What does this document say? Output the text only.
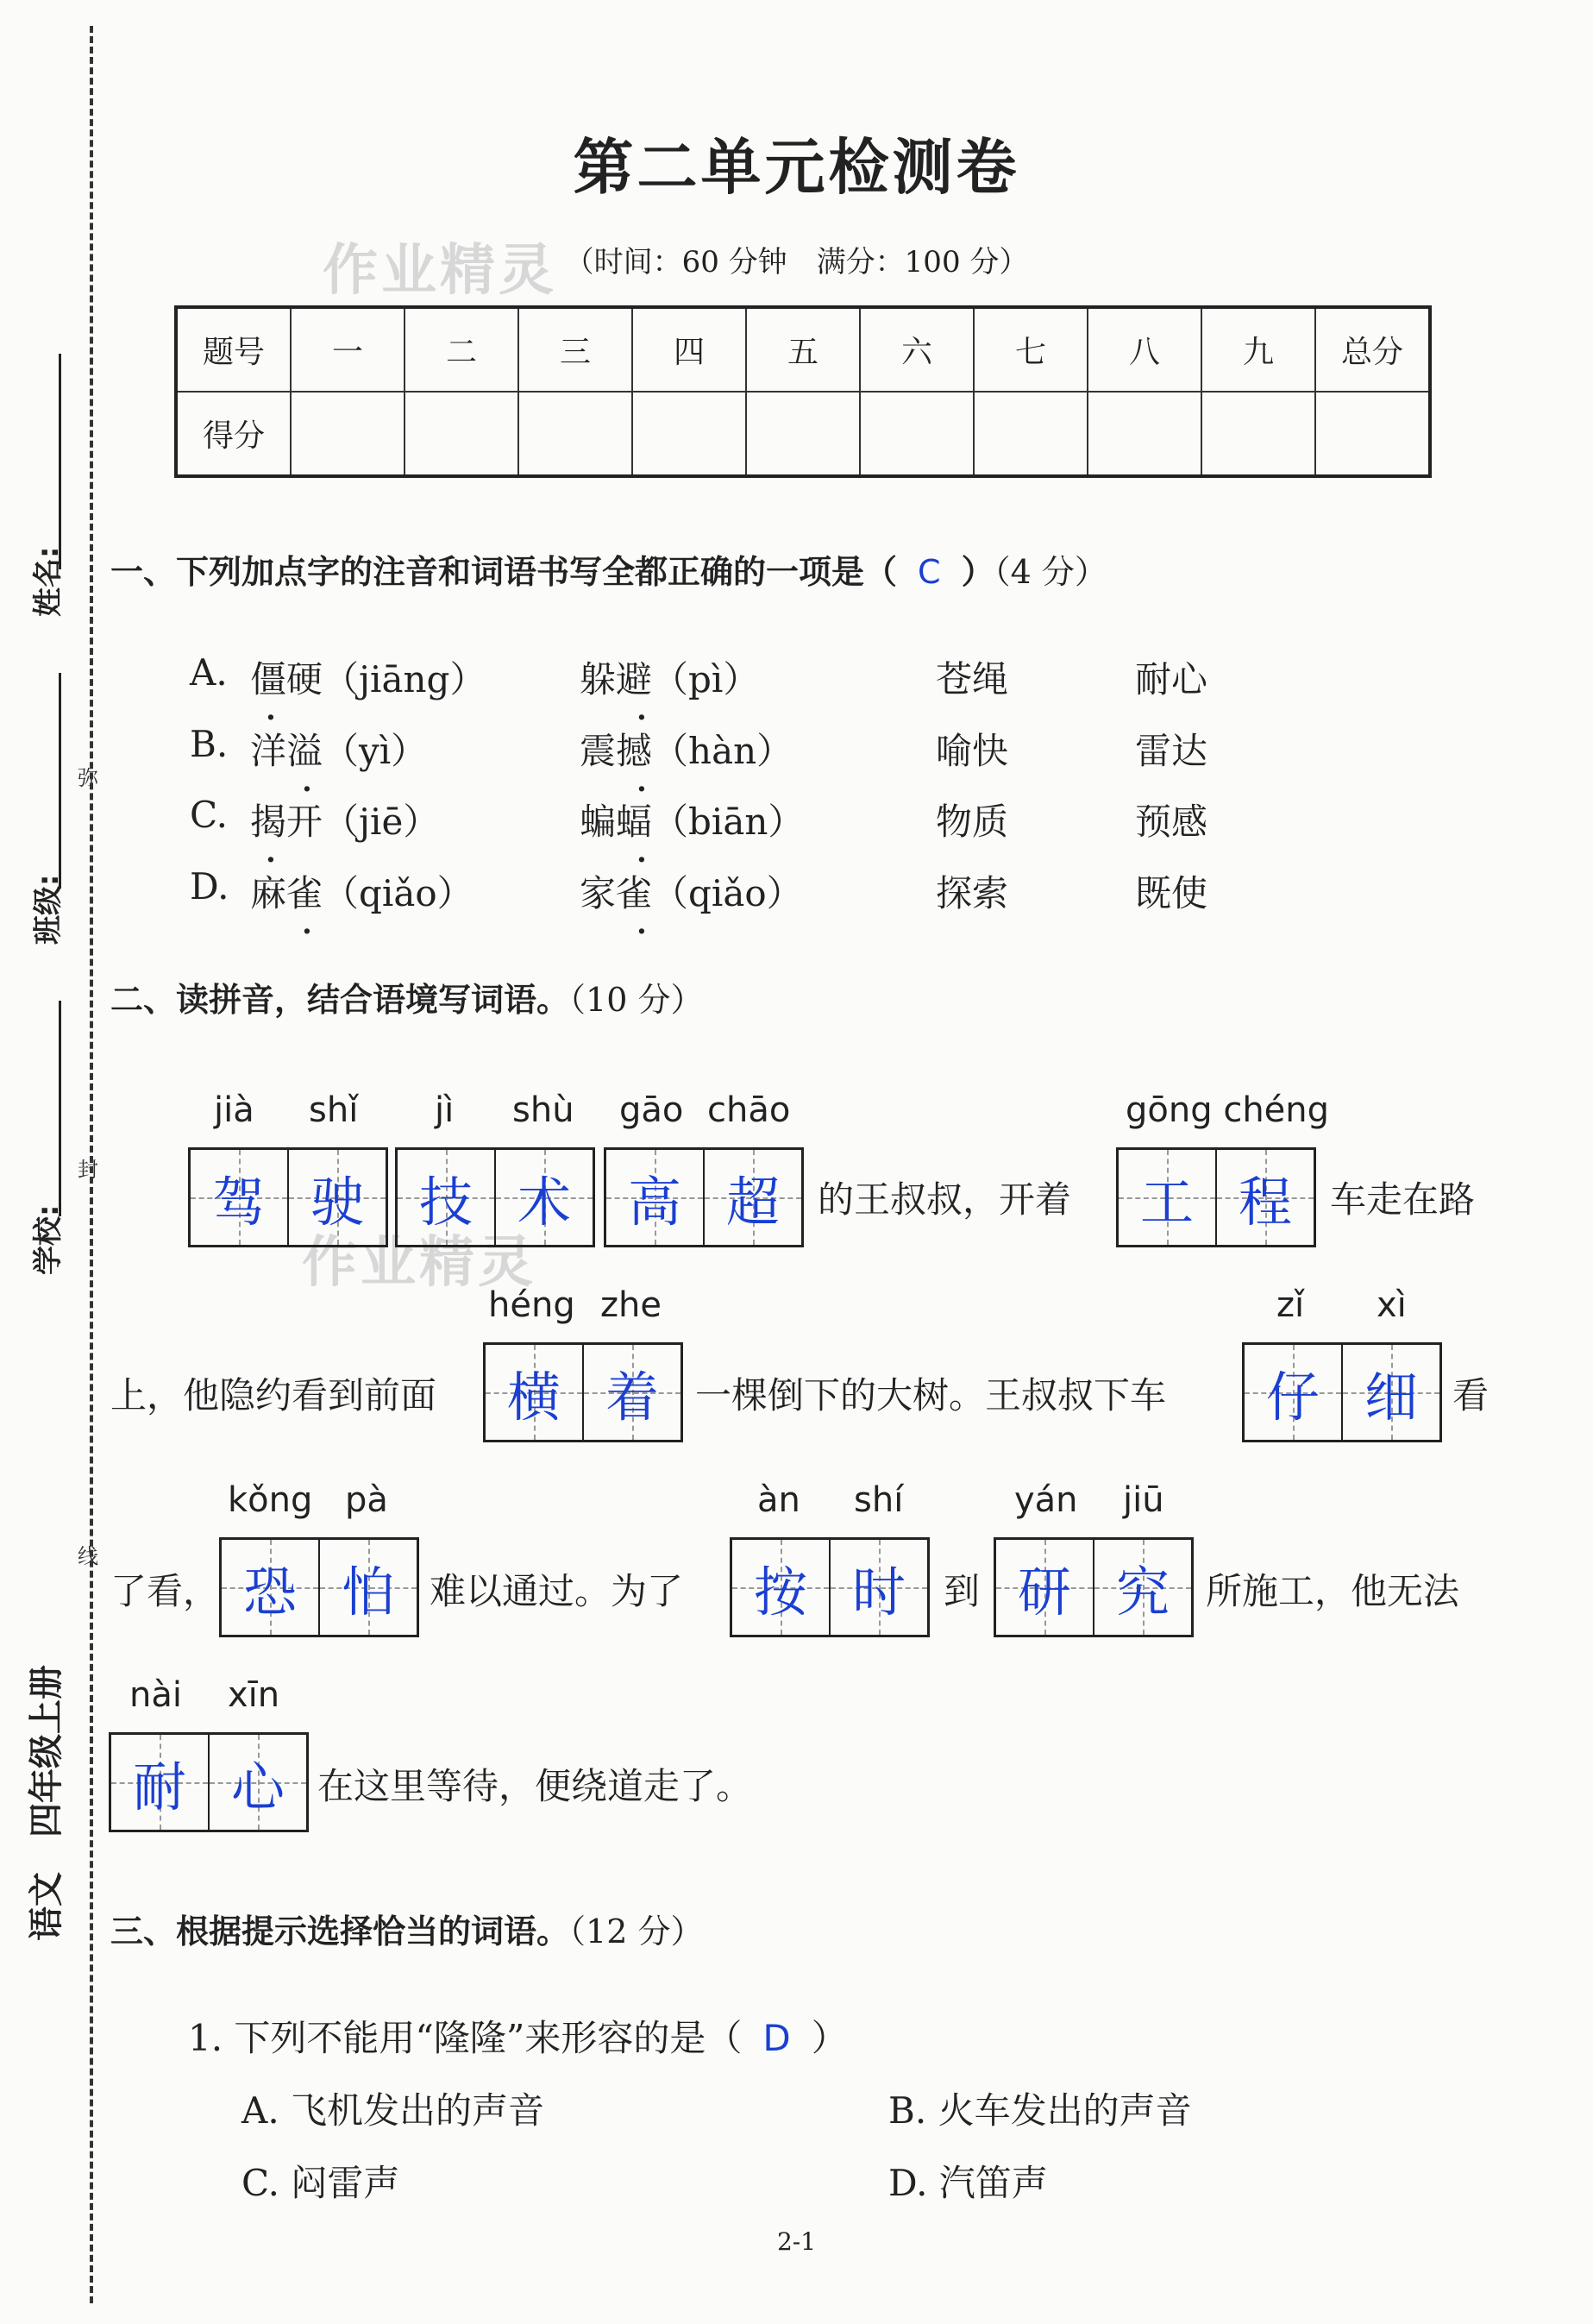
姓名:
班级:
学校:
语文　四年级上册
弥
封
线
第二单元检测卷
（时间：60 分钟　满分：100 分）
作业精灵
作业精灵
题号	一	二	三	四	五	六	七	八	九	总分
得分										
一、下列加点字的注音和词语书写全都正确的一项是（ C ）（4 分）
A. 僵硬（jiāng）	躲避（pì）	苍绳	耐心
B. 洋溢（yì）	震撼（hàn）	喻快	雷达
C. 揭开（jiē）	蝙蝠（biān）	物质	预感
D. 麻雀（qiǎo）	家雀（qiǎo）	探索	既使
·	·
·	·
·	·
·	·
二、读拼音，结合语境写词语。（10 分）
jià shǐ jì shù gāo chāo	gōng chéng
驾 驶 技 术 高 超 的王叔叔，开着 工 程 车走在路
héng zhe	zǐ xì
上，他隐约看到前面 横 着 一棵倒下的大树。王叔叔下车 仔 细 看
kǒng pà	àn shí	yán jiū
了看， 恐 怕 难以通过。为了 按 时 到 研 究 所施工，他无法
nài xīn
耐 心 在这里等待，便绕道走了。
三、根据提示选择恰当的词语。（12 分）
1. 下列不能用“隆隆”来形容的是（ D ）
A. 飞机发出的声音	B. 火车发出的声音
C. 闷雷声	D. 汽笛声
2-1
